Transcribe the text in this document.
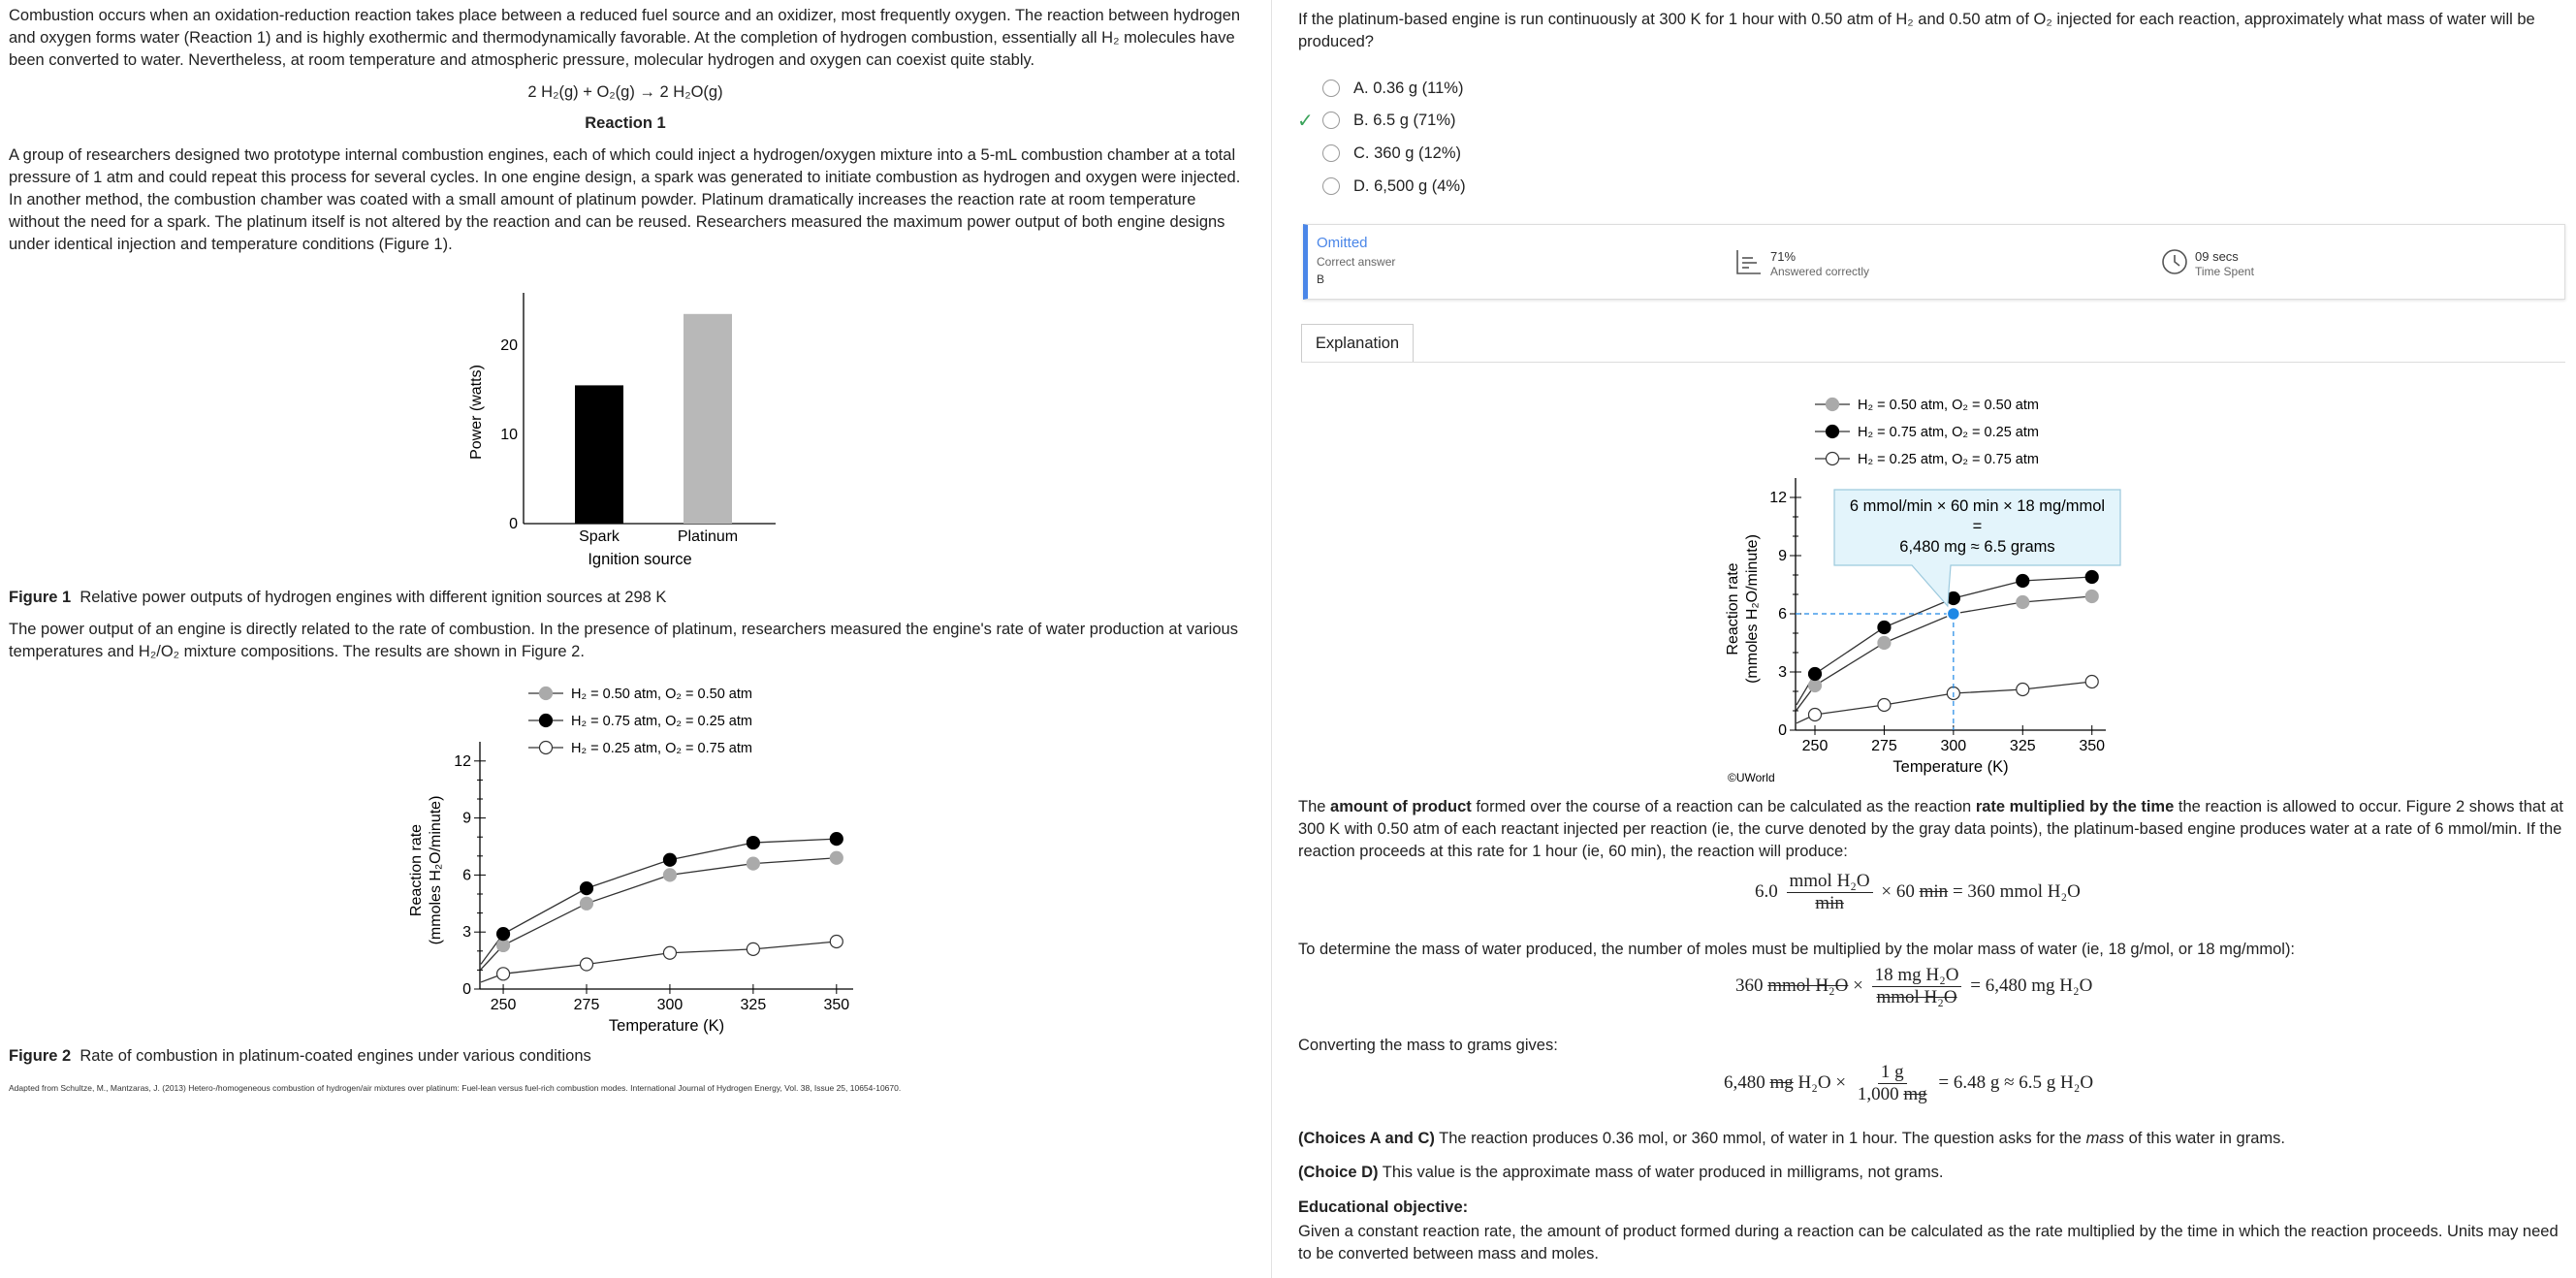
Combustion occurs when an oxidation-reduction reaction takes place between a reduced fuel source and an oxidizer, most frequently oxygen. The reaction between hydrogen and oxygen forms water (Reaction 1) and is highly exothermic and thermodynamically favorable. At the completion of hydrogen combustion, essentially all H₂ molecules have been converted to water. Nevertheless, at room temperature and atmospheric pressure, molecular hydrogen and oxygen can coexist quite stably.

2 H₂(g) + O₂(g) → 2 H₂O(g)

Reaction 1

A group of researchers designed two prototype internal combustion engines, each of which could inject a hydrogen/oxygen mixture into a 5-mL combustion chamber at a total pressure of 1 atm and could repeat this process for several cycles. In one engine design, a spark was generated to initiate combustion as hydrogen and oxygen were injected. In another method, the combustion chamber was coated with a small amount of platinum powder. Platinum dramatically increases the reaction rate at room temperature without the need for a spark. The platinum itself is not altered by the reaction and can be reused. Researchers measured the maximum power output of both engine designs under identical injection and temperature conditions (Figure 1).

0
10
20
Spark	Platinum
Ignition source
Power (watts)

Figure 1 Relative power outputs of hydrogen engines with different ignition sources at 298 K

The power output of an engine is directly related to the rate of combustion. In the presence of platinum, researchers measured the engine's rate of water production at various temperatures and H₂/O₂ mixture compositions. The results are shown in Figure 2.

H₂ = 0.50 atm, O₂ = 0.50 atm
H₂ = 0.75 atm, O₂ = 0.25 atm
H₂ = 0.25 atm, O₂ = 0.75 atm
0
3
6
9
12
250	275	300	325	350
Temperature (K)
Reaction rate (mmoles H₂O/minute)

Figure 2 Rate of combustion in platinum-coated engines under various conditions

Adapted from Schultze, M., Mantzaras, J. (2013) Hetero-/homogeneous combustion of hydrogen/air mixtures over platinum: Fuel-lean versus fuel-rich combustion modes. International Journal of Hydrogen Energy, Vol. 38, Issue 25, 10654-10670.

If the platinum-based engine is run continuously at 300 K for 1 hour with 0.50 atm of H₂ and 0.50 atm of O₂ injected for each reaction, approximately what mass of water will be produced?

✓
A.
0.36 g
(11%)
B.
6.5 g
(71%)
C.
360 g
(12%)
D.
6,500 g
(4%)
Omitted
Correct answer
B
71%
Answered correctly
09 secs
Time Spent
Explanation
H₂ = 0.50 atm, O₂ = 0.50 atm
H₂ = 0.75 atm, O₂ = 0.25 atm
H₂ = 0.25 atm, O₂ = 0.75 atm
0
3
6
9
12
250	275	300	325	350
Temperature (K)
Reaction rate (mmoles H₂O/minute)
6 mmol/min × 60 min × 18 mg/mmol
=
6,480 mg ≈ 6.5 grams
©UWorld

The amount of product formed over the course of a reaction can be calculated as the reaction rate multiplied by the time the reaction is allowed to occur. Figure 2 shows that at 300 K with 0.50 atm of each reactant injected per reaction (ie, the curve denoted by the gray data points), the platinum-based engine produces water at a rate of 6 mmol/min. If the reaction proceeds at this rate for 1 hour (ie, 60 min), the reaction will produce:

$6.0 \frac{\text{mmol H₂O}}{\min} \times 60$ min = 360 mmol H₂O

To determine the mass of water produced, the number of moles must be multiplied by the molar mass of water (ie, 18 g/mol, or 18 mg/mmol):

360 mmol $H_2O \times \frac{\text{18 mg H₂O}}{\text{mmol H₂O}} = 6,480$ mg H₂O

Converting the mass to grams gives:

6,480 mg $H_2O \times \frac{1 g}{1,000 mg} = 6.48$ g ≈ 6.5 g H₂O

(Choices A and C) The reaction produces 0.36 mol, or 360 mmol, of water in 1 hour. The question asks for the mass of this water in grams.

(Choice D) This value is the approximate mass of water produced in milligrams, not grams.

Educational objective:

Given a constant reaction rate, the amount of product formed during a reaction can be calculated as the rate multiplied by the time in which the reaction proceeds. Units may need to be converted between mass and moles.
